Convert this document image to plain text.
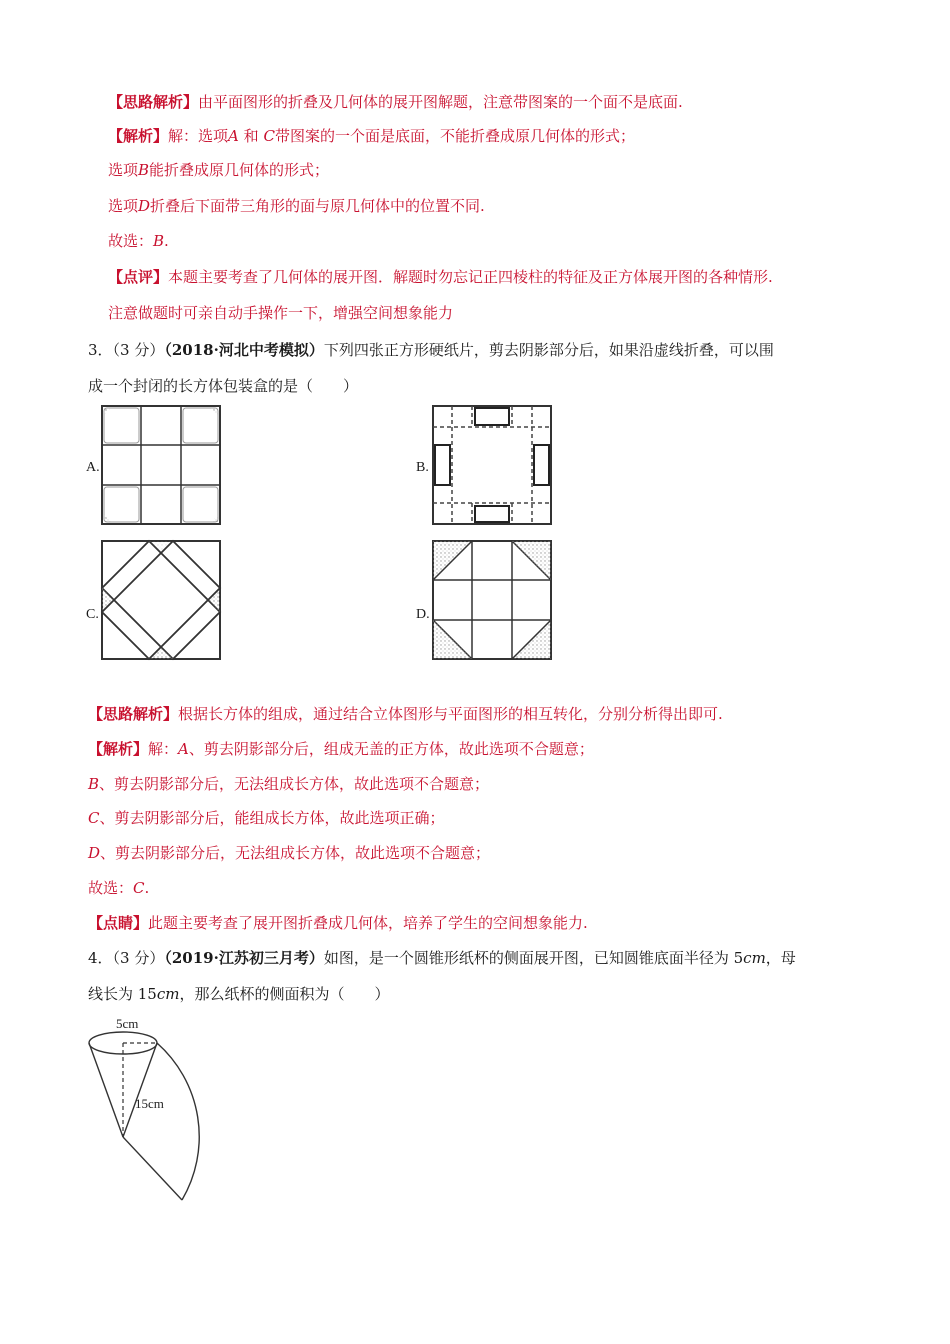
【思路解析】由平面图形的折叠及几何体的展开图解题，注意带图案的一个面不是底面.
【解析】解：选项A 和 C带图案的一个面是底面，不能折叠成原几何体的形式；
选项B能折叠成原几何体的形式；
选项D折叠后下面带三角形的面与原几何体中的位置不同.
故选：B.
【点评】本题主要考查了几何体的展开图．解题时勿忘记正四棱柱的特征及正方体展开图的各种情形.
注意做题时可亲自动手操作一下，增强空间想象能力
3．（3 分）（2018·河北中考模拟）下列四张正方形硬纸片，剪去阴影部分后，如果沿虚线折叠，可以围
成一个封闭的长方体包装盒的是（　　）
A.	B.
C.	D.
【思路解析】根据长方体的组成，通过结合立体图形与平面图形的相互转化，分别分析得出即可.
【解析】解：A、剪去阴影部分后，组成无盖的正方体，故此选项不合题意；
B、剪去阴影部分后，无法组成长方体，故此选项不合题意；
C、剪去阴影部分后，能组成长方体，故此选项正确；
D、剪去阴影部分后，无法组成长方体，故此选项不合题意；
故选：C.
【点睛】此题主要考查了展开图折叠成几何体，培养了学生的空间想象能力.
4．（3 分）（2019·江苏初三月考）如图，是一个圆锥形纸杯的侧面展开图，已知圆锥底面半径为 5cm，母
线长为 15cm，那么纸杯的侧面积为（　　）
5cm
15cm
